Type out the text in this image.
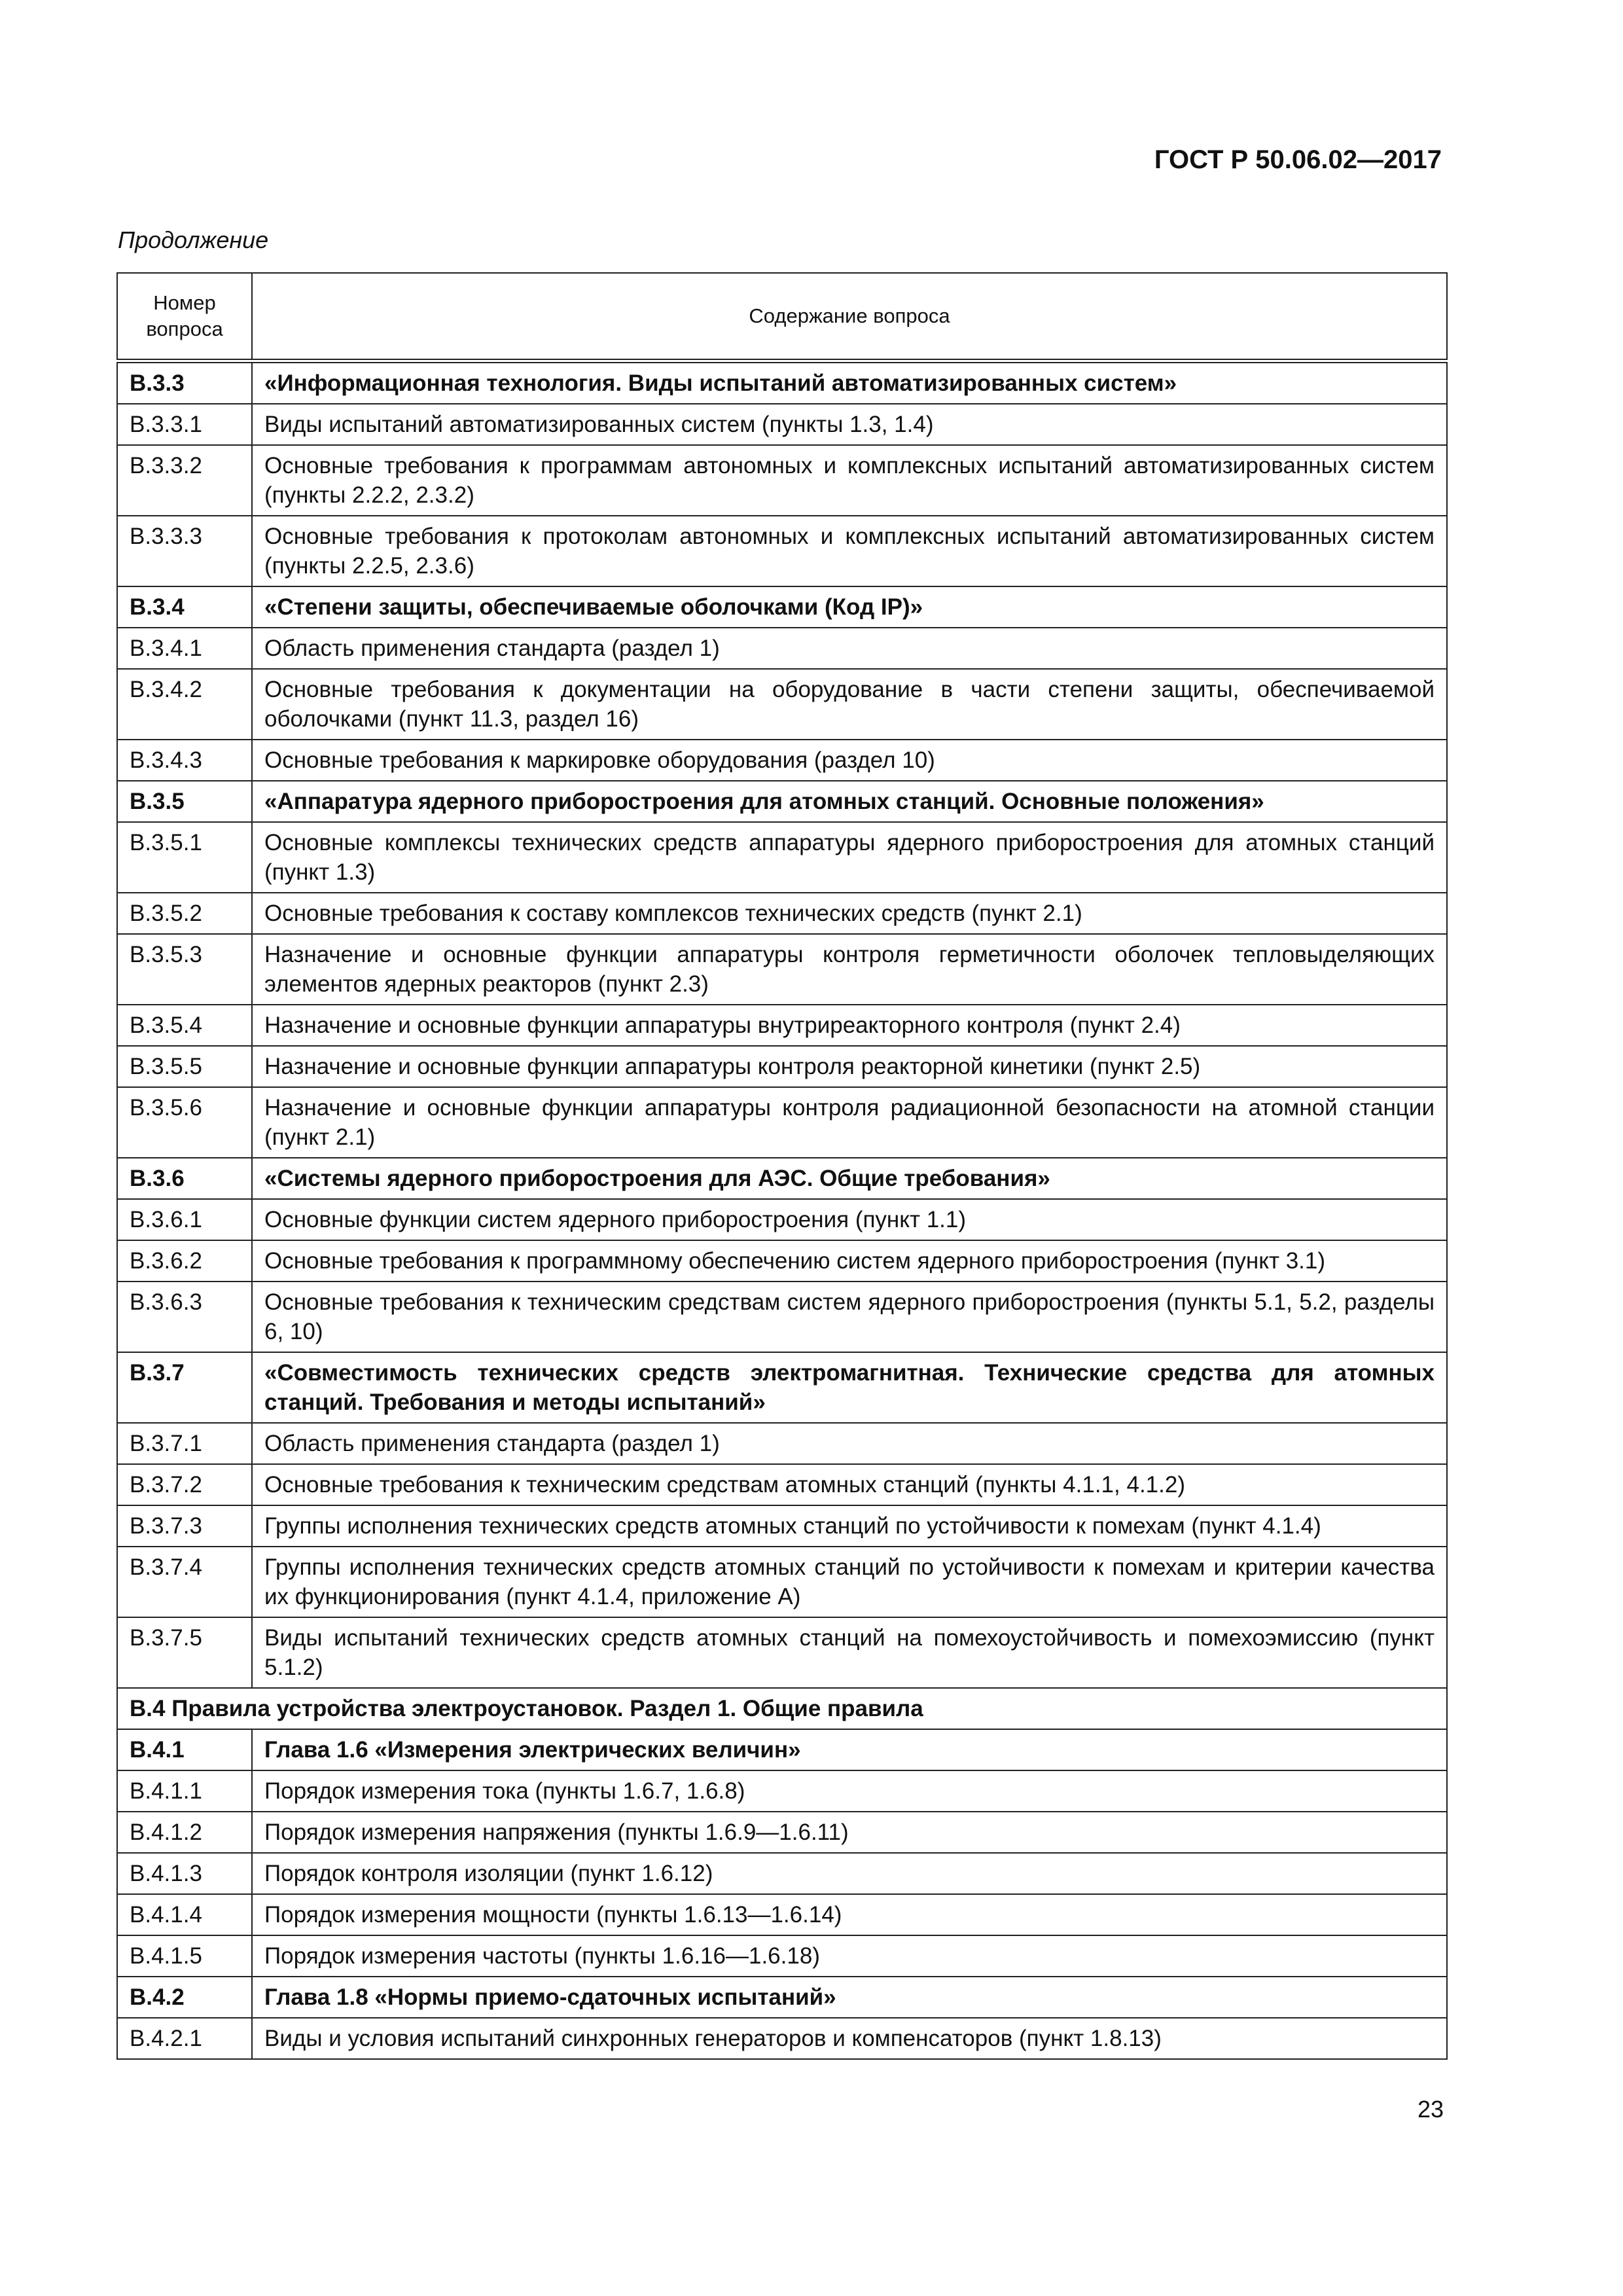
ГОСТ Р 50.06.02—2017
Продолжение
Номер вопроса	Содержание вопроса
В.3.3	«Информационная технология. Виды испытаний автоматизированных систем»
В.3.3.1	Виды испытаний автоматизированных систем (пункты 1.3, 1.4)
В.3.3.2	Основные требования к программам автономных и комплексных испытаний автоматизированных систем (пункты 2.2.2, 2.3.2)
В.3.3.3	Основные требования к протоколам автономных и комплексных испытаний автоматизированных систем (пункты 2.2.5, 2.3.6)
В.3.4	«Степени защиты, обеспечиваемые оболочками (Код IP)»
В.3.4.1	Область применения стандарта (раздел 1)
В.3.4.2	Основные требования к документации на оборудование в части степени защиты, обеспечиваемой оболочками (пункт 11.3, раздел 16)
В.3.4.3	Основные требования к маркировке оборудования (раздел 10)
В.3.5	«Аппаратура ядерного приборостроения для атомных станций. Основные положения»
В.3.5.1	Основные комплексы технических средств аппаратуры ядерного приборостроения для атомных станций (пункт 1.3)
В.3.5.2	Основные требования к составу комплексов технических средств (пункт 2.1)
В.3.5.3	Назначение и основные функции аппаратуры контроля герметичности оболочек тепловыделяющих элементов ядерных реакторов (пункт 2.3)
В.3.5.4	Назначение и основные функции аппаратуры внутриреакторного контроля (пункт 2.4)
В.3.5.5	Назначение и основные функции аппаратуры контроля реакторной кинетики (пункт 2.5)
В.3.5.6	Назначение и основные функции аппаратуры контроля радиационной безопасности на атомной станции (пункт 2.1)
В.3.6	«Системы ядерного приборостроения для АЭС. Общие требования»
В.3.6.1	Основные функции систем ядерного приборостроения (пункт 1.1)
В.3.6.2	Основные требования к программному обеспечению систем ядерного приборостроения (пункт 3.1)
В.3.6.3	Основные требования к техническим средствам систем ядерного приборостроения (пункты 5.1, 5.2, разделы 6, 10)
В.3.7	«Совместимость технических средств электромагнитная. Технические средства для атомных станций. Требования и методы испытаний»
В.3.7.1	Область применения стандарта (раздел 1)
В.3.7.2	Основные требования к техническим средствам атомных станций (пункты 4.1.1, 4.1.2)
В.3.7.3	Группы исполнения технических средств атомных станций по устойчивости к помехам (пункт 4.1.4)
В.3.7.4	Группы исполнения технических средств атомных станций по устойчивости к помехам и критерии качества их функционирования (пункт 4.1.4, приложение А)
В.3.7.5	Виды испытаний технических средств атомных станций на помехоустойчивость и помехоэмиссию (пункт 5.1.2)
В.4 Правила устройства электроустановок. Раздел 1. Общие правила	
В.4.1	Глава 1.6 «Измерения электрических величин»
В.4.1.1	Порядок измерения тока (пункты 1.6.7, 1.6.8)
В.4.1.2	Порядок измерения напряжения (пункты 1.6.9—1.6.11)
В.4.1.3	Порядок контроля изоляции (пункт 1.6.12)
В.4.1.4	Порядок измерения мощности (пункты 1.6.13—1.6.14)
В.4.1.5	Порядок измерения частоты (пункты 1.6.16—1.6.18)
В.4.2	Глава 1.8 «Нормы приемо-сдаточных испытаний»
В.4.2.1	Виды и условия испытаний синхронных генераторов и компенсаторов (пункт 1.8.13)
23
